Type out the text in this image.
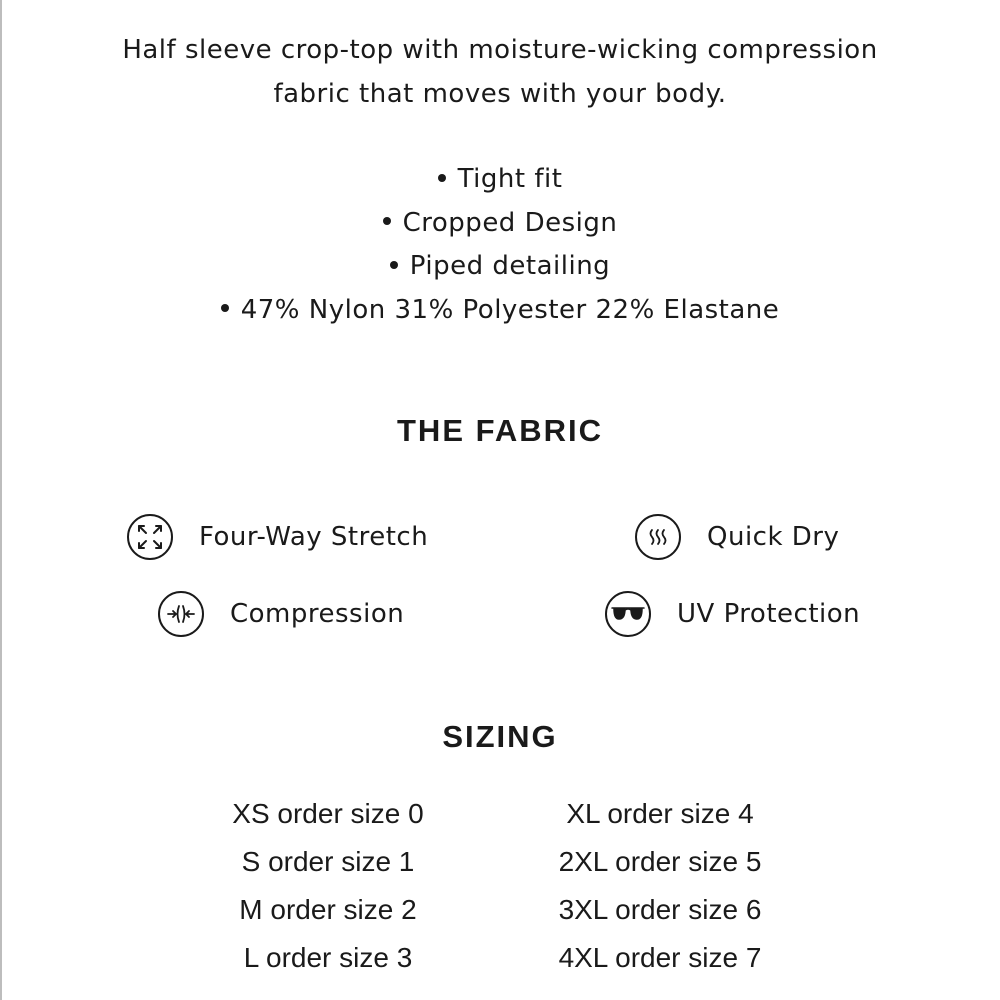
Half sleeve crop-top with moisture-wicking compression
fabric that moves with your body.

Tight fit
Cropped Design
Piped detailing
47% Nylon 31% Polyester 22% Elastane
THE FABRIC
Four-Way Stretch	Quick Dry
Compression	UV Protection
SIZING
XS order size 0
S order size 1
M order size 2
L order size 3
XL order size 4
2XL order size 5
3XL order size 6
4XL order size 7
